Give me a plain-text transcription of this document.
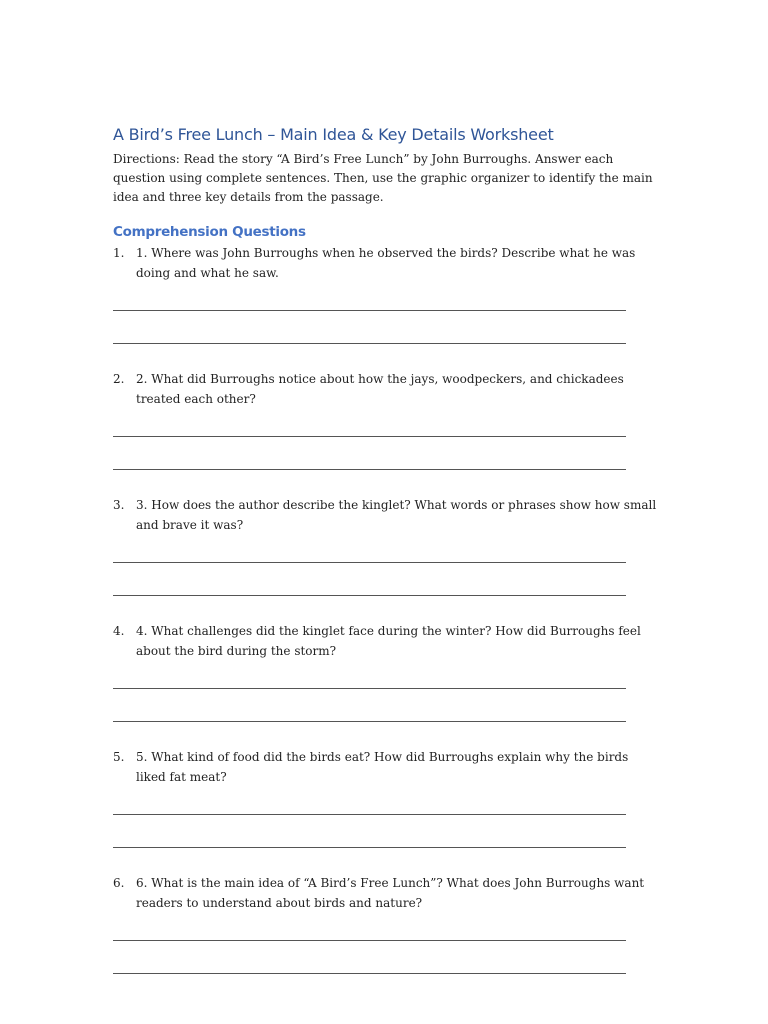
A Bird’s Free Lunch – Main Idea & Key Details Worksheet

Directions: Read the story “A Bird’s Free Lunch” by John Burroughs. Answer each question using complete sentences. Then, use the graphic organizer to identify the main idea and three key details from the passage.

Comprehension Questions
1. 1. Where was John Burroughs when he observed the birds? Describe what he was doing and what he saw.
2. 2. What did Burroughs notice about how the jays, woodpeckers, and chickadees treated each other?
3. 3. How does the author describe the kinglet? What words or phrases show how small and brave it was?
4. 4. What challenges did the kinglet face during the winter? How did Burroughs feel about the bird during the storm?
5. 5. What kind of food did the birds eat? How did Burroughs explain why the birds liked fat meat?
6. 6. What is the main idea of “A Bird’s Free Lunch”? What does John Burroughs want readers to understand about birds and nature?
